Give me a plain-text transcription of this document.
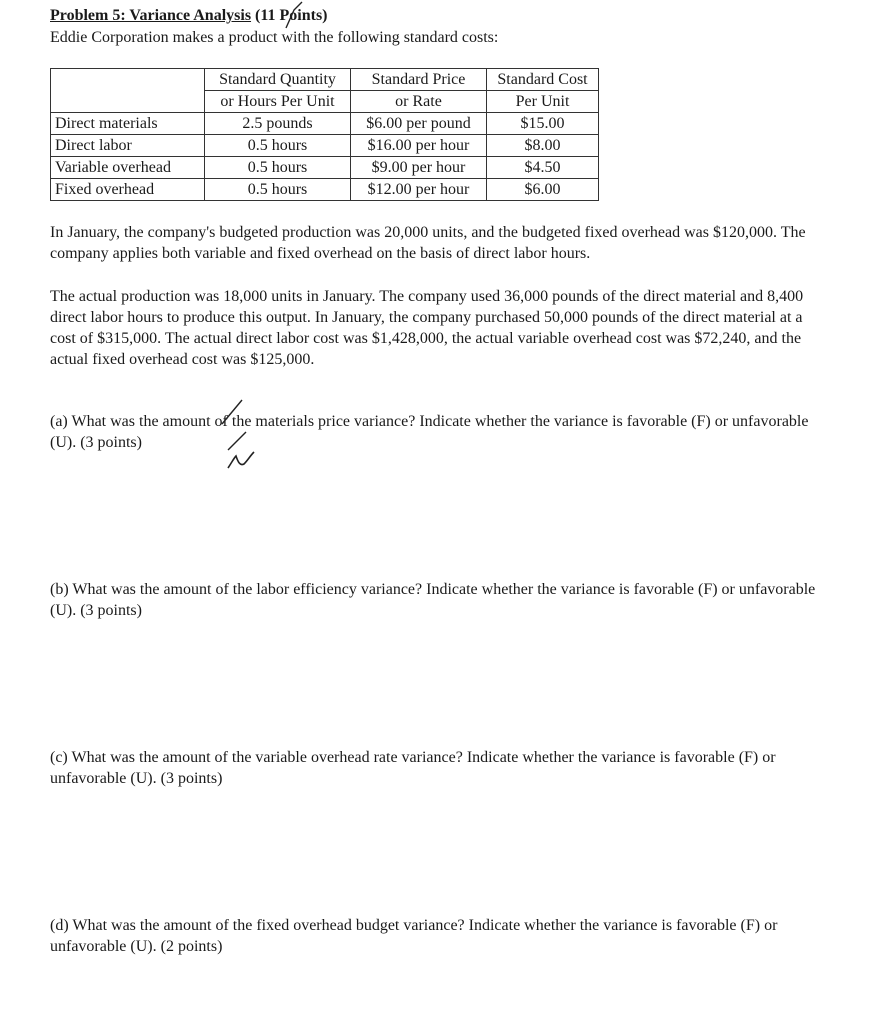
Problem 5: Variance Analysis (11 Points)
Eddie Corporation makes a product with the following standard costs:
	Standard Quantity	Standard Price	Standard Cost
	or Hours Per Unit	or Rate	Per Unit
Direct materials	2.5 pounds	$6.00 per pound	$15.00
Direct labor	0.5 hours	$16.00 per hour	$8.00
Variable overhead	0.5 hours	$9.00 per hour	$4.50
Fixed overhead	0.5 hours	$12.00 per hour	$6.00
In January, the company's budgeted production was 20,000 units, and the budgeted fixed overhead was $120,000. The company applies both variable and fixed overhead on the basis of direct labor hours.
The actual production was 18,000 units in January. The company used 36,000 pounds of the direct material and 8,400 direct labor hours to produce this output. In January, the company purchased 50,000 pounds of the direct material at a cost of $315,000. The actual direct labor cost was $1,428,000, the actual variable overhead cost was $72,240, and the actual fixed overhead cost was $125,000.
(a) What was the amount of the materials price variance? Indicate whether the variance is favorable (F) or unfavorable (U). (3 points)
(b) What was the amount of the labor efficiency variance? Indicate whether the variance is favorable (F) or unfavorable (U). (3 points)
(c) What was the amount of the variable overhead rate variance? Indicate whether the variance is favorable (F) or unfavorable (U). (3 points)
(d) What was the amount of the fixed overhead budget variance? Indicate whether the variance is favorable (F) or unfavorable (U). (2 points)
